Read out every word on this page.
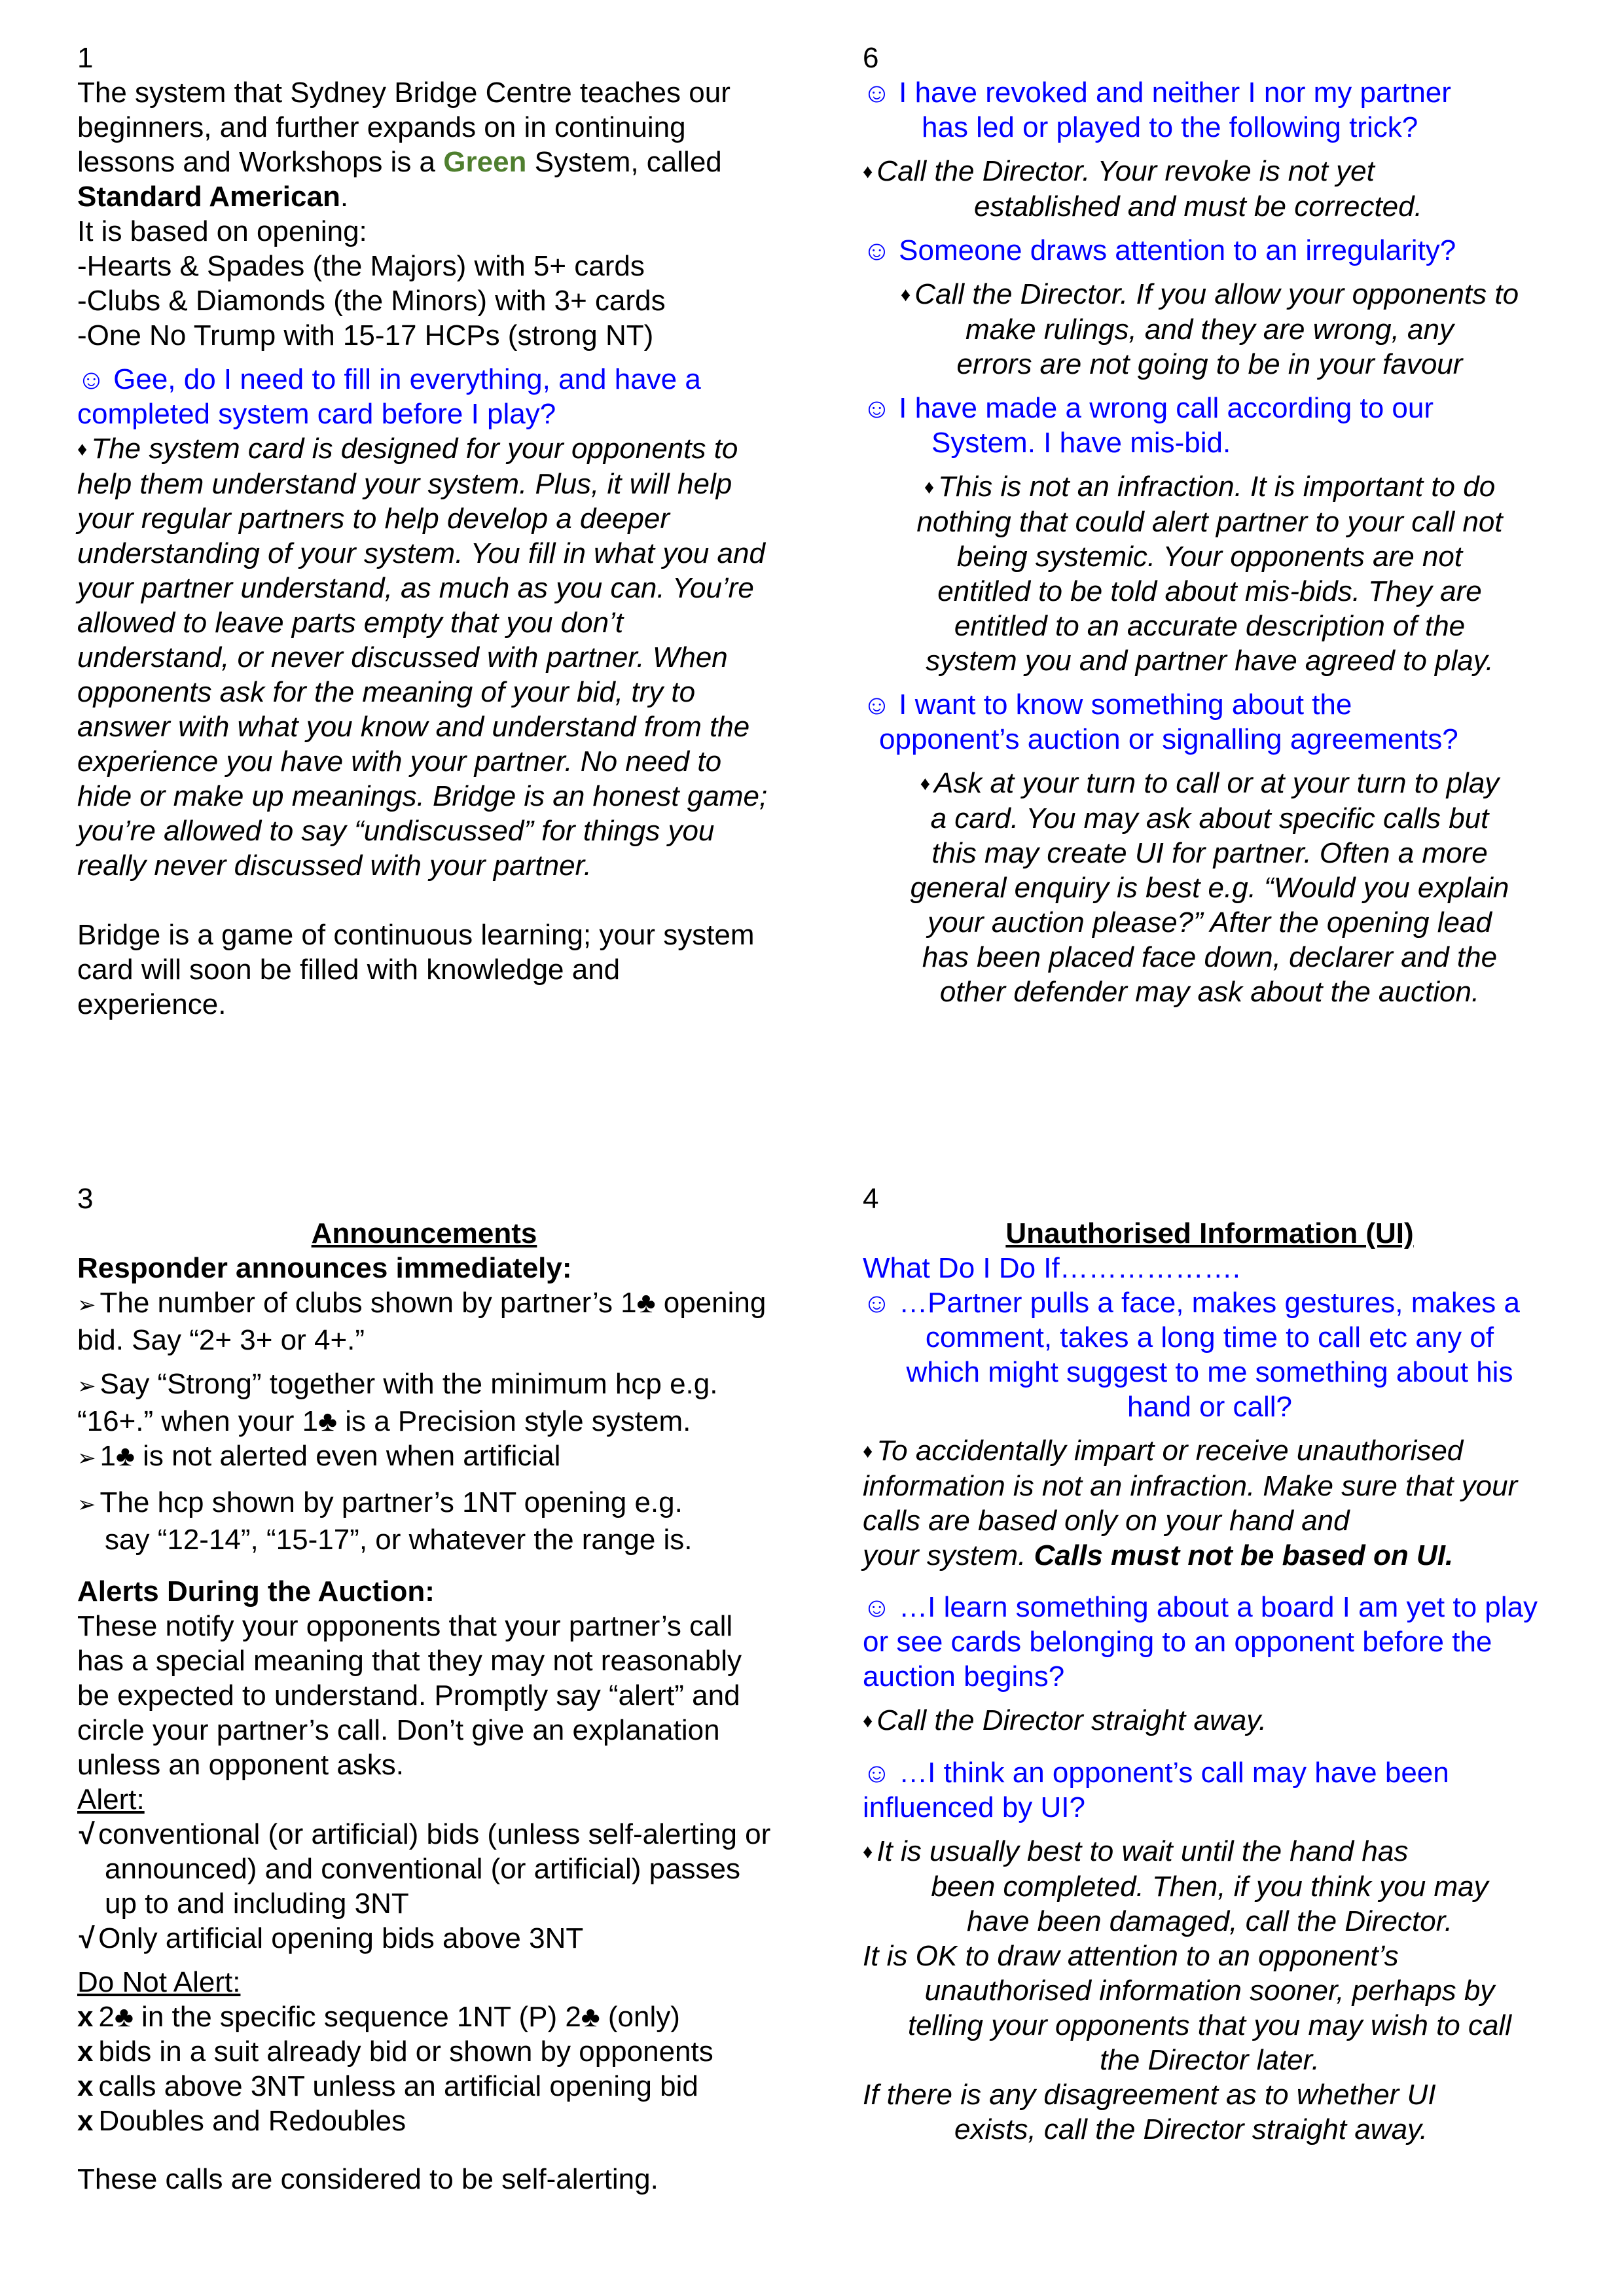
1
The system that Sydney Bridge Centre teaches our beginners, and further expands on in continuing lessons and Workshops is a Green System, called Standard American.
It is based on opening:
-Hearts & Spades (the Majors) with 5+ cards
-Clubs & Diamonds (the Minors) with 3+ cards
-One No Trump with 15-17 HCPs (strong NT)
☺ Gee, do I need to fill in everything, and have a completed system card before I play?
♦ The system card is designed for your opponents to help them understand your system. Plus, it will help your regular partners to help develop a deeper understanding of your system. You fill in what you and your partner understand, as much as you can. You’re allowed to leave parts empty that you don’t understand, or never discussed with partner. When opponents ask for the meaning of your bid, try to answer with what you know and understand from the experience you have with your partner. No need to hide or make up meanings. Bridge is an honest game; you’re allowed to say “undiscussed” for things you really never discussed with your partner.
Bridge is a game of continuous learning; your system card will soon be filled with knowledge and experience.
6
☺ I have revoked and neither I nor my partner
has led or played to the following trick?
♦ Call the Director. Your revoke is not yet
established and must be corrected.
☺ Someone draws attention to an irregularity?
♦ Call the Director. If you allow your opponents to
make rulings, and they are wrong, any
errors are not going to be in your favour
☺ I have made a wrong call according to our
System. I have mis-bid.
♦ This is not an infraction. It is important to do
nothing that could alert partner to your call not
being systemic. Your opponents are not
entitled to be told about mis-bids. They are
entitled to an accurate description of the
system you and partner have agreed to play.
☺ I want to know something about the
opponent’s auction or signalling agreements?
♦ Ask at your turn to call or at your turn to play
a card. You may ask about specific calls but
this may create UI for partner. Often a more
general enquiry is best e.g. “Would you explain
your auction please?” After the opening lead
has been placed face down, declarer and the
other defender may ask about the auction.
3
Announcements
Responder announces immediately:
➢ The number of clubs shown by partner’s 1♣ opening bid. Say “2+ 3+ or 4+.”
➢ Say “Strong” together with the minimum hcp e.g. “16+.” when your 1♣ is a Precision style system.
➢ 1♣ is not alerted even when artificial
➢ The hcp shown by partner’s 1NT opening e.g.
say “12-14”, “15-17”, or whatever the range is.
Alerts During the Auction:
These notify your opponents that your partner’s call has a special meaning that they may not reasonably be expected to understand. Promptly say “alert” and circle your partner’s call. Don’t give an explanation unless an opponent asks.
Alert:
√ conventional (or artificial) bids (unless self-alerting or announced) and conventional (or artificial) passes up to and including 3NT
√ Only artificial opening bids above 3NT
Do Not Alert:
x 2♣ in the specific sequence 1NT (P) 2♣ (only)
x bids in a suit already bid or shown by opponents
x calls above 3NT unless an artificial opening bid
x Doubles and Redoubles
These calls are considered to be self-alerting.
4
Unauthorised Information (UI)
What Do I Do If……………….
☺ …Partner pulls a face, makes gestures, makes a
comment, takes a long time to call etc any of
which might suggest to me something about his
hand or call?
♦ To accidentally impart or receive unauthorised information is not an infraction. Make sure that your calls are based only on your hand and
your system. Calls must not be based on UI.
☺ …I learn something about a board I am yet to play or see cards belonging to an opponent before the auction begins?
♦ Call the Director straight away.
☺ …I think an opponent’s call may have been influenced by UI?
♦ It is usually best to wait until the hand has
been completed. Then, if you think you may
have been damaged, call the Director.
It is OK to draw attention to an opponent’s
unauthorised information sooner, perhaps by
telling your opponents that you may wish to call
the Director later.
If there is any disagreement as to whether UI
exists, call the Director straight away.
